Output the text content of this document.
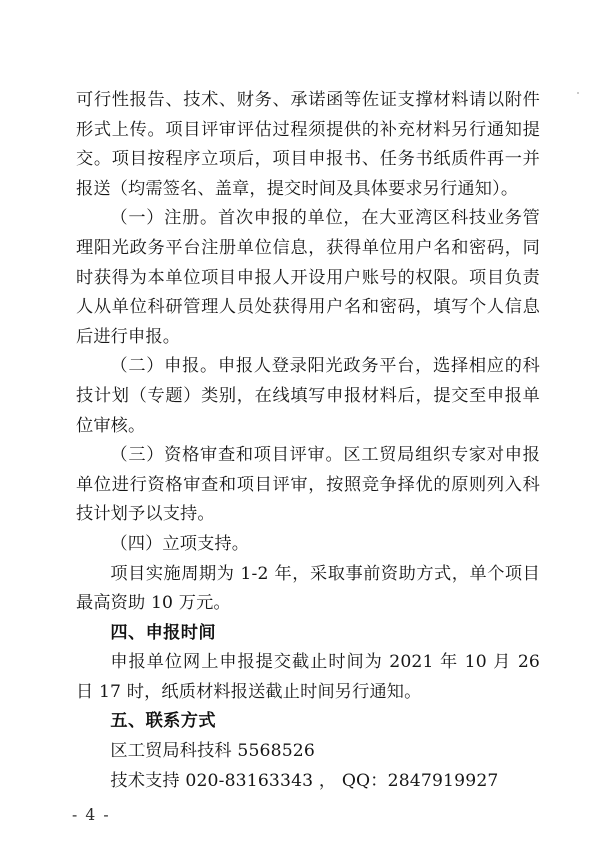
可行性报告、技术、财务、承诺函等佐证支撑材料请以附件形式上传。项目评审评估过程须提供的补充材料另行通知提交。项目按程序立项后，项目申报书、任务书纸质件再一并报送（均需签名、盖章，提交时间及具体要求另行通知）。

（一）注册。首次申报的单位，在大亚湾区科技业务管理阳光政务平台注册单位信息，获得单位用户名和密码，同时获得为本单位项目申报人开设用户账号的权限。项目负责人从单位科研管理人员处获得用户名和密码，填写个人信息后进行申报。

（二）申报。申报人登录阳光政务平台，选择相应的科技计划（专题）类别，在线填写申报材料后，提交至申报单位审核。

（三）资格审查和项目评审。区工贸局组织专家对申报单位进行资格审查和项目评审，按照竞争择优的原则列入科技计划予以支持。

（四）立项支持。

项目实施周期为 1-2 年，采取事前资助方式，单个项目最高资助 10 万元。

四、申报时间

申报单位网上申报提交截止时间为 2021 年 10 月 26 日 17 时，纸质材料报送截止时间另行通知。

五、联系方式

区工贸局科技科 5568526

技术支持 020-83163343 ， QQ：2847919927

- 4 -
